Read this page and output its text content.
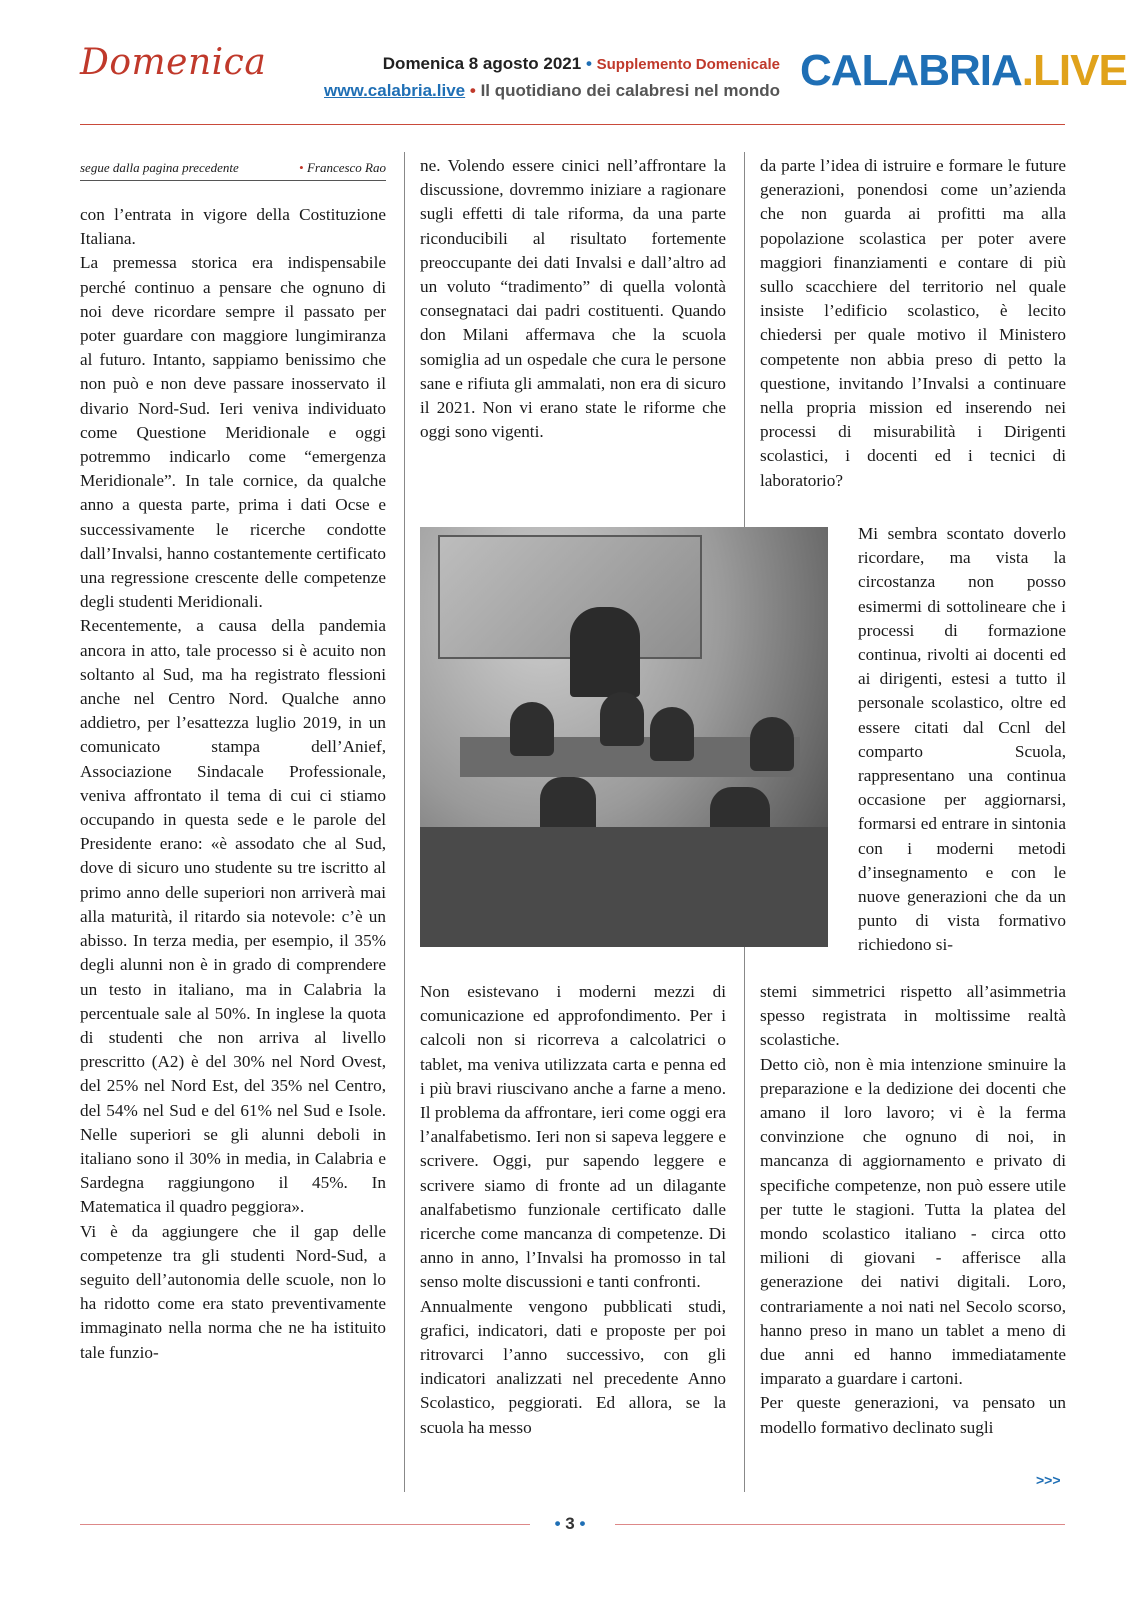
Domenica	Domenica 8 agosto 2021 • Supplemento Domenicale
www.calabria.live • Il quotidiano dei calabresi nel mondo CALABRIA.LIVE
segue dalla pagina precedente	• Francesco Rao

con l’entrata in vigore della Costituzione Italiana.

La premessa storica era indispensabile perché continuo a pensare che ognuno di noi deve ricordare sempre il passato per poter guardare con maggiore lungimiranza al futuro. Intanto, sappiamo benissimo che non può e non deve passare inosservato il divario Nord-Sud. Ieri veniva individuato come Questione Meridionale e oggi potremmo indicarlo come “emergenza Meridionale”. In tale cornice, da qualche anno a questa parte, prima i dati Ocse e successivamente le ricerche condotte dall’Invalsi, hanno costantemente certificato una regressione crescente delle competenze degli studenti Meridionali.

Recentemente, a causa della pandemia ancora in atto, tale processo si è acuito non soltanto al Sud, ma ha registrato flessioni anche nel Centro Nord. Qualche anno addietro, per l’esattezza luglio 2019, in un comunicato stampa dell’Anief, Associazione Sindacale Professionale, veniva affrontato il tema di cui ci stiamo occupando in questa sede e le parole del Presidente erano: «è assodato che al Sud, dove di sicuro uno studente su tre iscritto al primo anno delle superiori non arriverà mai alla maturità, il ritardo sia notevole: c’è un abisso. In terza media, per esempio, il 35% degli alunni non è in grado di comprendere un testo in italiano, ma in Calabria la percentuale sale al 50%. In inglese la quota di studenti che non arriva al livello prescritto (A2) è del 30% nel Nord Ovest, del 25% nel Nord Est, del 35% nel Centro, del 54% nel Sud e del 61% nel Sud e Isole. Nelle superiori se gli alunni deboli in italiano sono il 30% in media, in Calabria e Sardegna raggiungono il 45%. In Matematica il quadro peggiora».

Vi è da aggiungere che il gap delle competenze tra gli studenti Nord-Sud, a seguito dell’autonomia delle scuole, non lo ha ridotto come era stato preventivamente immaginato nella norma che ne ha istituito tale funzio-

ne. Volendo essere cinici nell’affrontare la discussione, dovremmo iniziare a ragionare sugli effetti di tale riforma, da una parte riconducibili al risultato fortemente preoccupante dei dati Invalsi e dall’altro ad un voluto “tradimento” di quella volontà consegnataci dai padri costituenti. Quando don Milani affermava che la scuola somiglia ad un ospedale che cura le persone sane e rifiuta gli ammalati, non era di sicuro il 2021. Non vi erano state le riforme che oggi sono vigenti.

da parte l’idea di istruire e formare le future generazioni, ponendosi come un’azienda che non guarda ai profitti ma alla popolazione scolastica per poter avere maggiori finanziamenti e contare di più sullo scacchiere del territorio nel quale insiste l’edificio scolastico, è lecito chiedersi per quale motivo il Ministero competente non abbia preso di petto la questione, invitando l’Invalsi a continuare nella propria mission ed inserendo nei processi di misurabilità i Dirigenti scolastici, i docenti ed i tecnici di laboratorio?

Mi sembra scontato doverlo ricordare, ma vista la circostanza non posso esimermi di sottolineare che i processi di formazione continua, rivolti ai docenti ed ai dirigenti, estesi a tutto il personale scolastico, oltre ed essere citati dal Ccnl del comparto Scuola, rappresentano una continua occasione per aggiornarsi, formarsi ed entrare in sintonia con i moderni metodi d’insegnamento e con le nuove generazioni che da un punto di vista formativo richiedono si-

Non esistevano i moderni mezzi di comunicazione ed approfondimento. Per i calcoli non si ricorreva a calcolatrici o tablet, ma veniva utilizzata carta e penna ed i più bravi riuscivano anche a farne a meno. Il problema da affrontare, ieri come oggi era l’analfabetismo. Ieri non si sapeva leggere e scrivere. Oggi, pur sapendo leggere e scrivere siamo di fronte ad un dilagante analfabetismo funzionale certificato dalle ricerche come mancanza di competenze. Di anno in anno, l’Invalsi ha promosso in tal senso molte discussioni e tanti confronti.

Annualmente vengono pubblicati studi, grafici, indicatori, dati e proposte per poi ritrovarci l’anno successivo, con gli indicatori analizzati nel precedente Anno Scolastico, peggiorati. Ed allora, se la scuola ha messo

stemi simmetrici rispetto all’asimmetria spesso registrata in moltissime realtà scolastiche.

Detto ciò, non è mia intenzione sminuire la preparazione e la dedizione dei docenti che amano il loro lavoro; vi è la ferma convinzione che ognuno di noi, in mancanza di aggiornamento e privato di specifiche competenze, non può essere utile per tutte le stagioni. Tutta la platea del mondo scolastico italiano - circa otto milioni di giovani - afferisce alla generazione dei nativi digitali. Loro, contrariamente a noi nati nel Secolo scorso, hanno preso in mano un tablet a meno di due anni ed hanno immediatamente imparato a guardare i cartoni.

Per queste generazioni, va pensato un modello formativo declinato sugli

>>>
• 3 •
